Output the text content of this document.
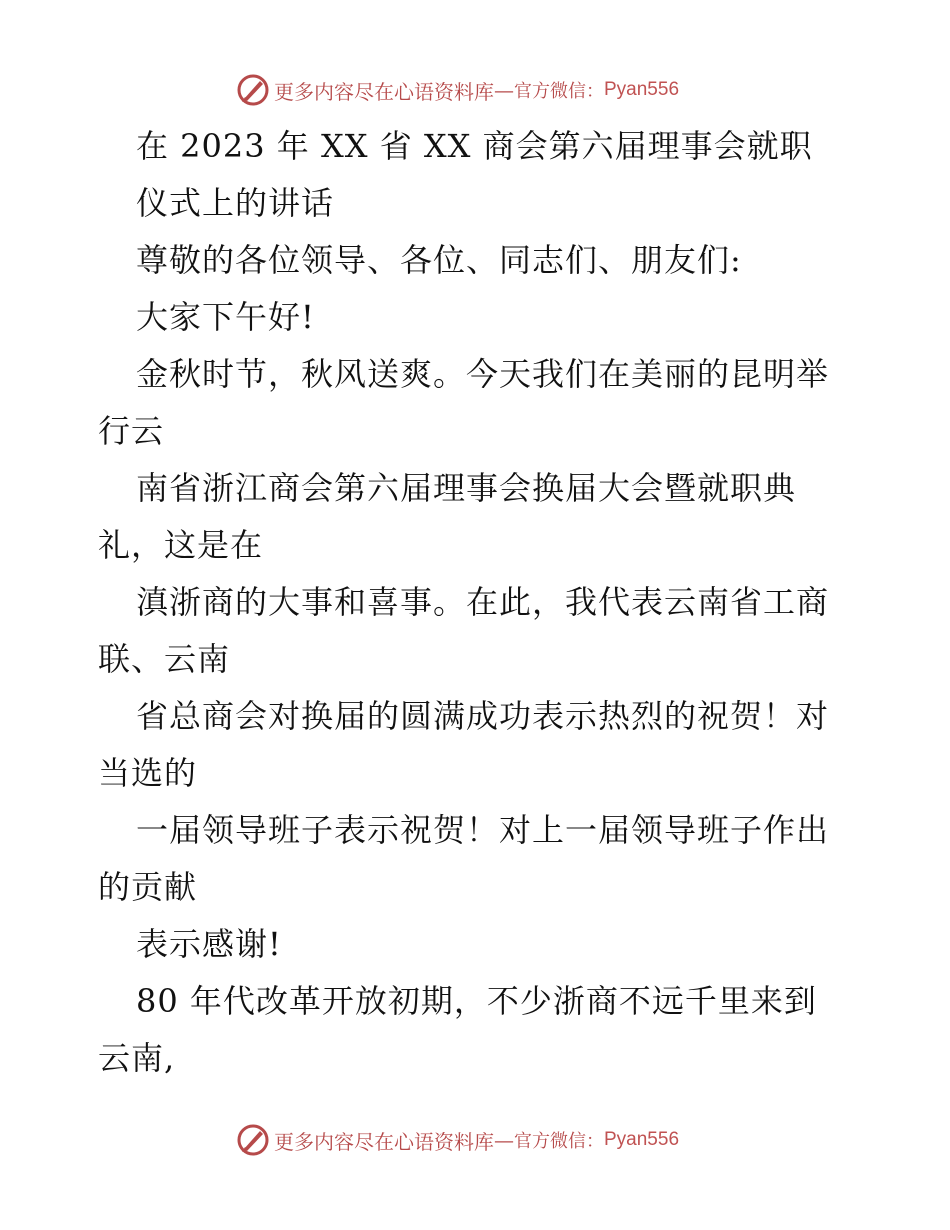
更多内容尽在心语资料库 — 官方微信： Pyan556
在 2023 年 XX 省 XX 商会第六届理事会就职
仪式上的讲话
尊敬的各位领导、各位、同志们、朋友们:
大家下午好!
金秋时节，秋风送爽。今天我们在美丽的昆明举
行云
南省浙江商会第六届理事会换届大会暨就职典
礼，这是在
滇浙商的大事和喜事。在此，我代表云南省工商
联、云南
省总商会对换届的圆满成功表示热烈的祝贺！对
当选的
一届领导班子表示祝贺！对上一届领导班子作出
的贡献
表示感谢!
80 年代改革开放初期，不少浙商不远千里来到
云南,
更多内容尽在心语资料库 — 官方微信： Pyan556
